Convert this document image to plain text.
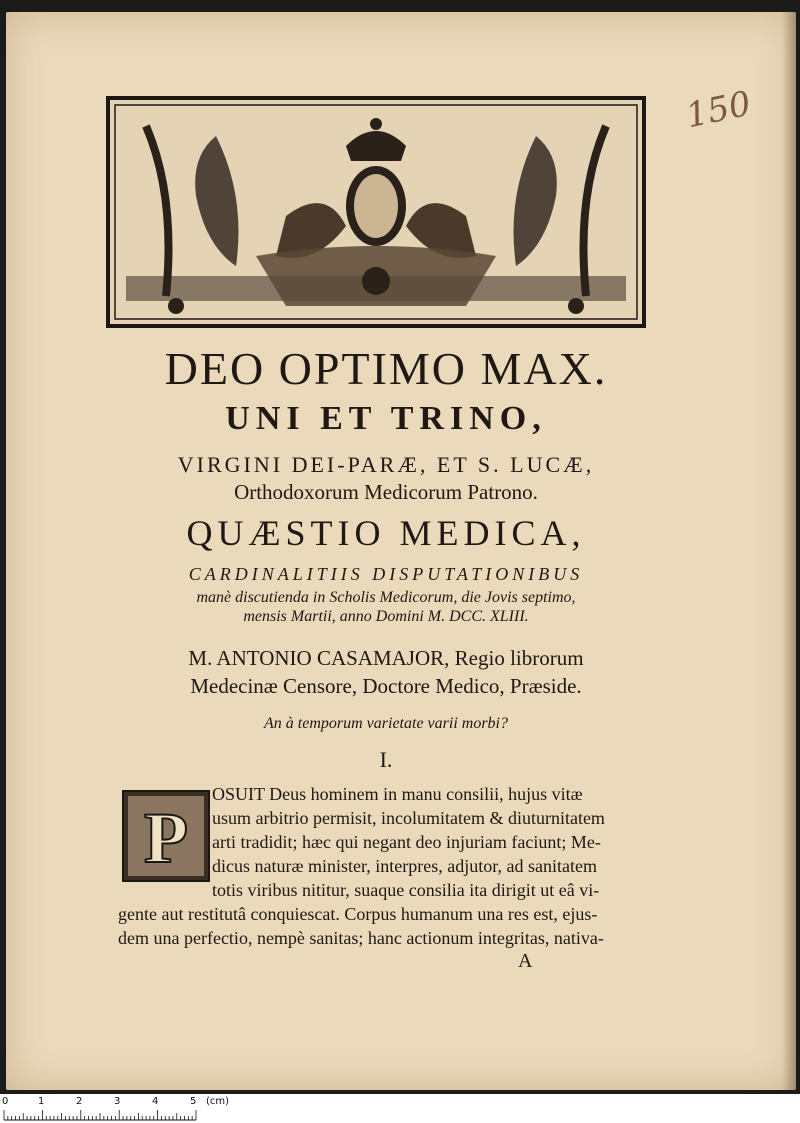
150
DEO OPTIMO MAX.
UNI ET TRINO,
VIRGINI DEI-PARÆ, ET S. LUCÆ,
Orthodoxorum Medicorum Patrono.
QUÆSTIO MEDICA,
CARDINALITIIS DISPUTATIONIBUS
manè discutienda in Scholis Medicorum, die Jovis septimo,
mensis Martii, anno Domini M. DCC. XLIII.
M. ANTONIO CASAMAJOR, Regio librorum
Medecinæ Censore, Doctore Medico, Præside.
An à temporum varietate varii morbi?
I.
P
OSUIT Deus hominem in manu consilii, hujus vitæ
usum arbitrio permisit, incolumitatem & diuturnitatem
arti tradidit; hæc qui negant deo injuriam faciunt; Me-
dicus naturæ minister, interpres, adjutor, ad sanitatem
totis viribus nititur, suaque consilia ita dirigit ut eâ vi-
gente aut restitutâ conquiescat. Corpus humanum una res est, ejus-
dem una perfectio, nempè sanitas; hanc actionum integritas, nativa-
A
0	1	2	3	4	5 (cm)
